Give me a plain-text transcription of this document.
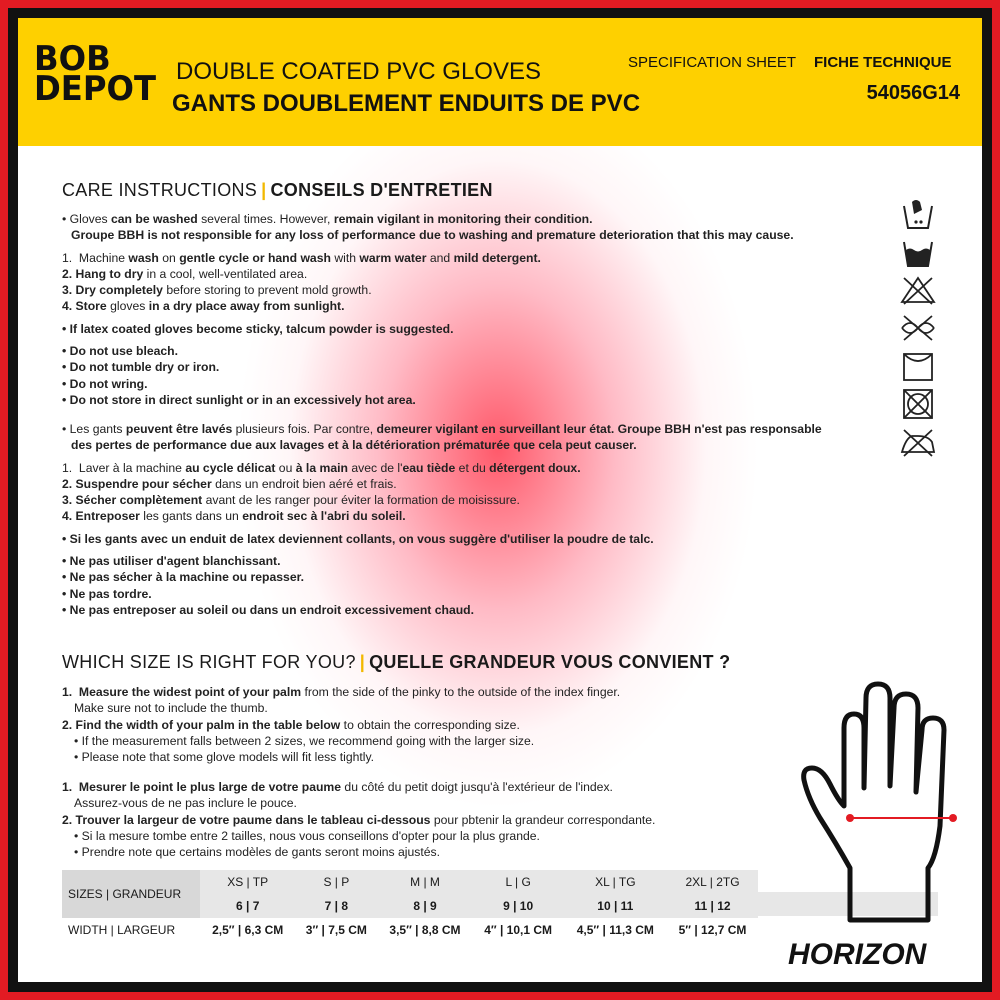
BOB
DEPOT DOUBLE COATED PVC GLOVES
GANTS DOUBLEMENT ENDUITS DE PVC
SPECIFICATION SHEET FICHE TECHNIQUE
54056G14
CARE INSTRUCTIONS | CONSEILS D'ENTRETIEN
• Gloves can be washed several times. However, remain vigilant in monitoring their condition.
Groupe BBH is not responsible for any loss of performance due to washing and premature deterioration that this may cause.
1.  Machine wash on gentle cycle or hand wash with warm water and mild detergent.
2. Hang to dry in a cool, well-ventilated area.
3. Dry completely before storing to prevent mold growth.
4. Store gloves in a dry place away from sunlight.
• If latex coated gloves become sticky, talcum powder is suggested.
• Do not use bleach.
• Do not tumble dry or iron.
• Do not wring.
• Do not store in direct sunlight or in an excessively hot area.
• Les gants peuvent être lavés plusieurs fois. Par contre, demeurer vigilant en surveillant leur état. Groupe BBH n'est pas responsable
des pertes de performance due aux lavages et à la détérioration prématurée que cela peut causer.
1.  Laver à la machine au cycle délicat ou à la main avec de l'eau tiède et du détergent doux.
2. Suspendre pour sécher dans un endroit bien aéré et frais.
3. Sécher complètement avant de les ranger pour éviter la formation de moisissure.
4. Entreposer les gants dans un endroit sec à l'abri du soleil.
• Si les gants avec un enduit de latex deviennent collants, on vous suggère d'utiliser la poudre de talc.
• Ne pas utiliser d'agent blanchissant.
• Ne pas sécher à la machine ou repasser.
• Ne pas tordre.
• Ne pas entreposer au soleil ou dans un endroit excessivement chaud.
WHICH SIZE IS RIGHT FOR YOU? | QUELLE GRANDEUR VOUS CONVIENT ?
1.  Measure the widest point of your palm from the side of the pinky to the outside of the index finger.
Make sure not to include the thumb.
2. Find the width of your palm in the table below to obtain the corresponding size.
• If the measurement falls between 2 sizes, we recommend going with the larger size.
• Please note that some glove models will fit less tightly.
1.  Mesurer le point le plus large de votre paume du côté du petit doigt jusqu'à l'extérieur de l'index.
Assurez-vous de ne pas inclure le pouce.
2. Trouver la largeur de votre paume dans le tableau ci-dessous pour pbtenir la grandeur correspondante.
• Si la mesure tombe entre 2 tailles, nous vous conseillons d'opter pour la plus grande.
• Prendre note que certains modèles de gants seront moins ajustés.
SIZES | GRANDEUR	XS | TP	S | P	M | M	L | G	XL | TG	2XL | 2TG
	6 | 7	7 | 8	8 | 9	9 | 10	10 | 11	11 | 12
WIDTH | LARGEUR	2,5″ | 6,3 CM	3″ | 7,5 CM	3,5″ | 8,8 CM	4″ | 10,1 CM	4,5″ | 11,3 CM	5″ | 12,7 CM
HORIZON
